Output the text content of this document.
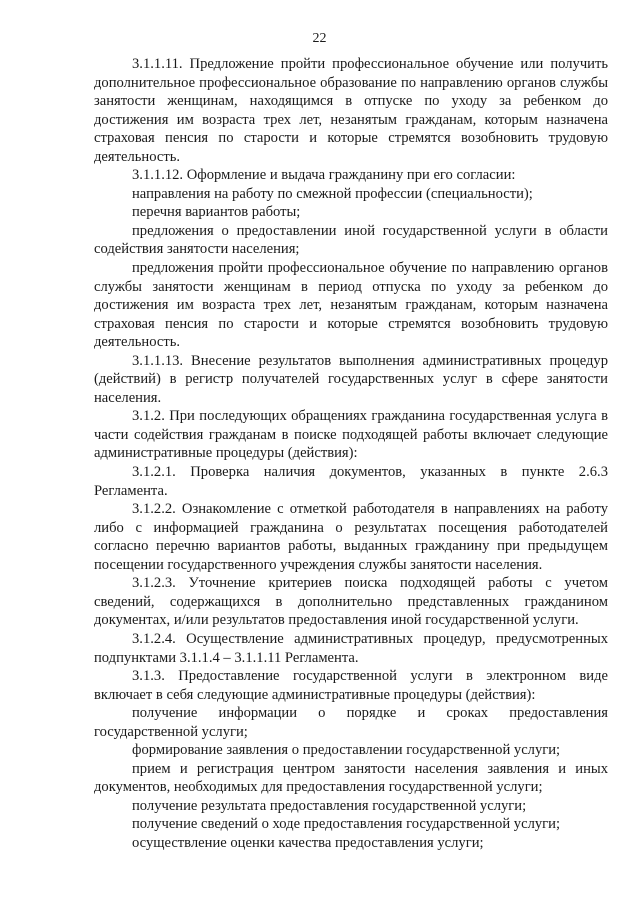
22

3.1.1.11. Предложение пройти профессиональное обучение или получить дополнительное профессиональное образование по направлению органов службы занятости женщинам, находящимся в отпуске по уходу за ребенком до достижения им возраста трех лет, незанятым гражданам, которым назначена страховая пенсия по старости и которые стремятся возобновить трудовую деятельность.

3.1.1.12. Оформление и выдача гражданину при его согласии:

направления на работу по смежной профессии (специальности);

перечня вариантов работы;

предложения о предоставлении иной государственной услуги в области содействия занятости населения;

предложения пройти профессиональное обучение по направлению органов службы занятости женщинам в период отпуска по уходу за ребенком до достижения им возраста трех лет, незанятым гражданам, которым назначена страховая пенсия по старости и которые стремятся возобновить трудовую деятельность.

3.1.1.13. Внесение результатов выполнения административных процедур (действий) в регистр получателей государственных услуг в сфере занятости населения.

3.1.2. При последующих обращениях гражданина государственная услуга в части содействия гражданам в поиске подходящей работы включает следующие административные процедуры (действия):

3.1.2.1. Проверка наличия документов, указанных в пункте 2.6.3 Регламента.

3.1.2.2. Ознакомление с отметкой работодателя в направлениях на работу либо с информацией гражданина о результатах посещения работодателей согласно перечню вариантов работы, выданных гражданину при предыдущем посещении государственного учреждения службы занятости населения.

3.1.2.3. Уточнение критериев поиска подходящей работы с учетом сведений, содержащихся в дополнительно представленных гражданином документах, и/или результатов предоставления иной государственной услуги.

3.1.2.4. Осуществление административных процедур, предусмотренных подпунктами 3.1.1.4 – 3.1.1.11 Регламента.

3.1.3. Предоставление государственной услуги в электронном виде включает в себя следующие административные процедуры (действия):

получение информации о порядке и сроках предоставления государственной услуги;

формирование заявления о предоставлении государственной услуги;

прием и регистрация центром занятости населения заявления и иных документов, необходимых для предоставления государственной услуги;

получение результата предоставления государственной услуги;

получение сведений о ходе предоставления государственной услуги;

осуществление оценки качества предоставления услуги;
